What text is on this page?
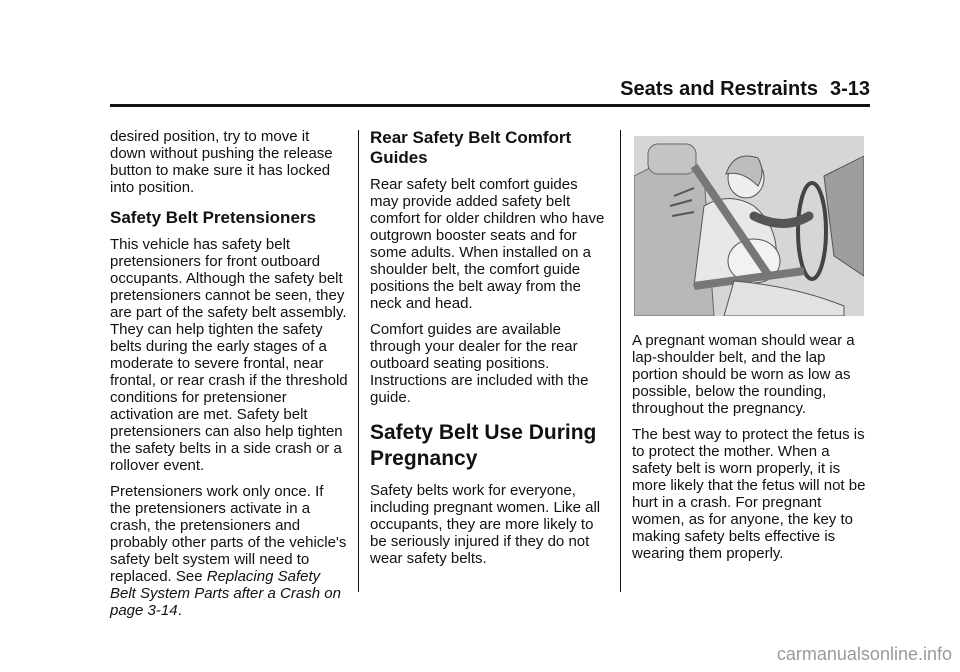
Seats and Restraints 3-13

desired position, try to move it down without pushing the release button to make sure it has locked into position.

Safety Belt Pretensioners

This vehicle has safety belt pretensioners for front outboard occupants. Although the safety belt pretensioners cannot be seen, they are part of the safety belt assembly. They can help tighten the safety belts during the early stages of a moderate to severe frontal, near frontal, or rear crash if the threshold conditions for pretensioner activation are met. Safety belt pretensioners can also help tighten the safety belts in a side crash or a rollover event.

Pretensioners work only once. If the pretensioners activate in a crash, the pretensioners and probably other parts of the vehicle's safety belt system will need to replaced. See Replacing Safety Belt System Parts after a Crash on page 3-14.

Rear Safety Belt Comfort Guides

Rear safety belt comfort guides may provide added safety belt comfort for older children who have outgrown booster seats and for some adults. When installed on a shoulder belt, the comfort guide positions the belt away from the neck and head.

Comfort guides are available through your dealer for the rear outboard seating positions. Instructions are included with the guide.

Safety Belt Use During Pregnancy

Safety belts work for everyone, including pregnant women. Like all occupants, they are more likely to be seriously injured if they do not wear safety belts.

A pregnant woman should wear a lap-shoulder belt, and the lap portion should be worn as low as possible, below the rounding, throughout the pregnancy.

The best way to protect the fetus is to protect the mother. When a safety belt is worn properly, it is more likely that the fetus will not be hurt in a crash. For pregnant women, as for anyone, the key to making safety belts effective is wearing them properly.

carmanualsonline.info
